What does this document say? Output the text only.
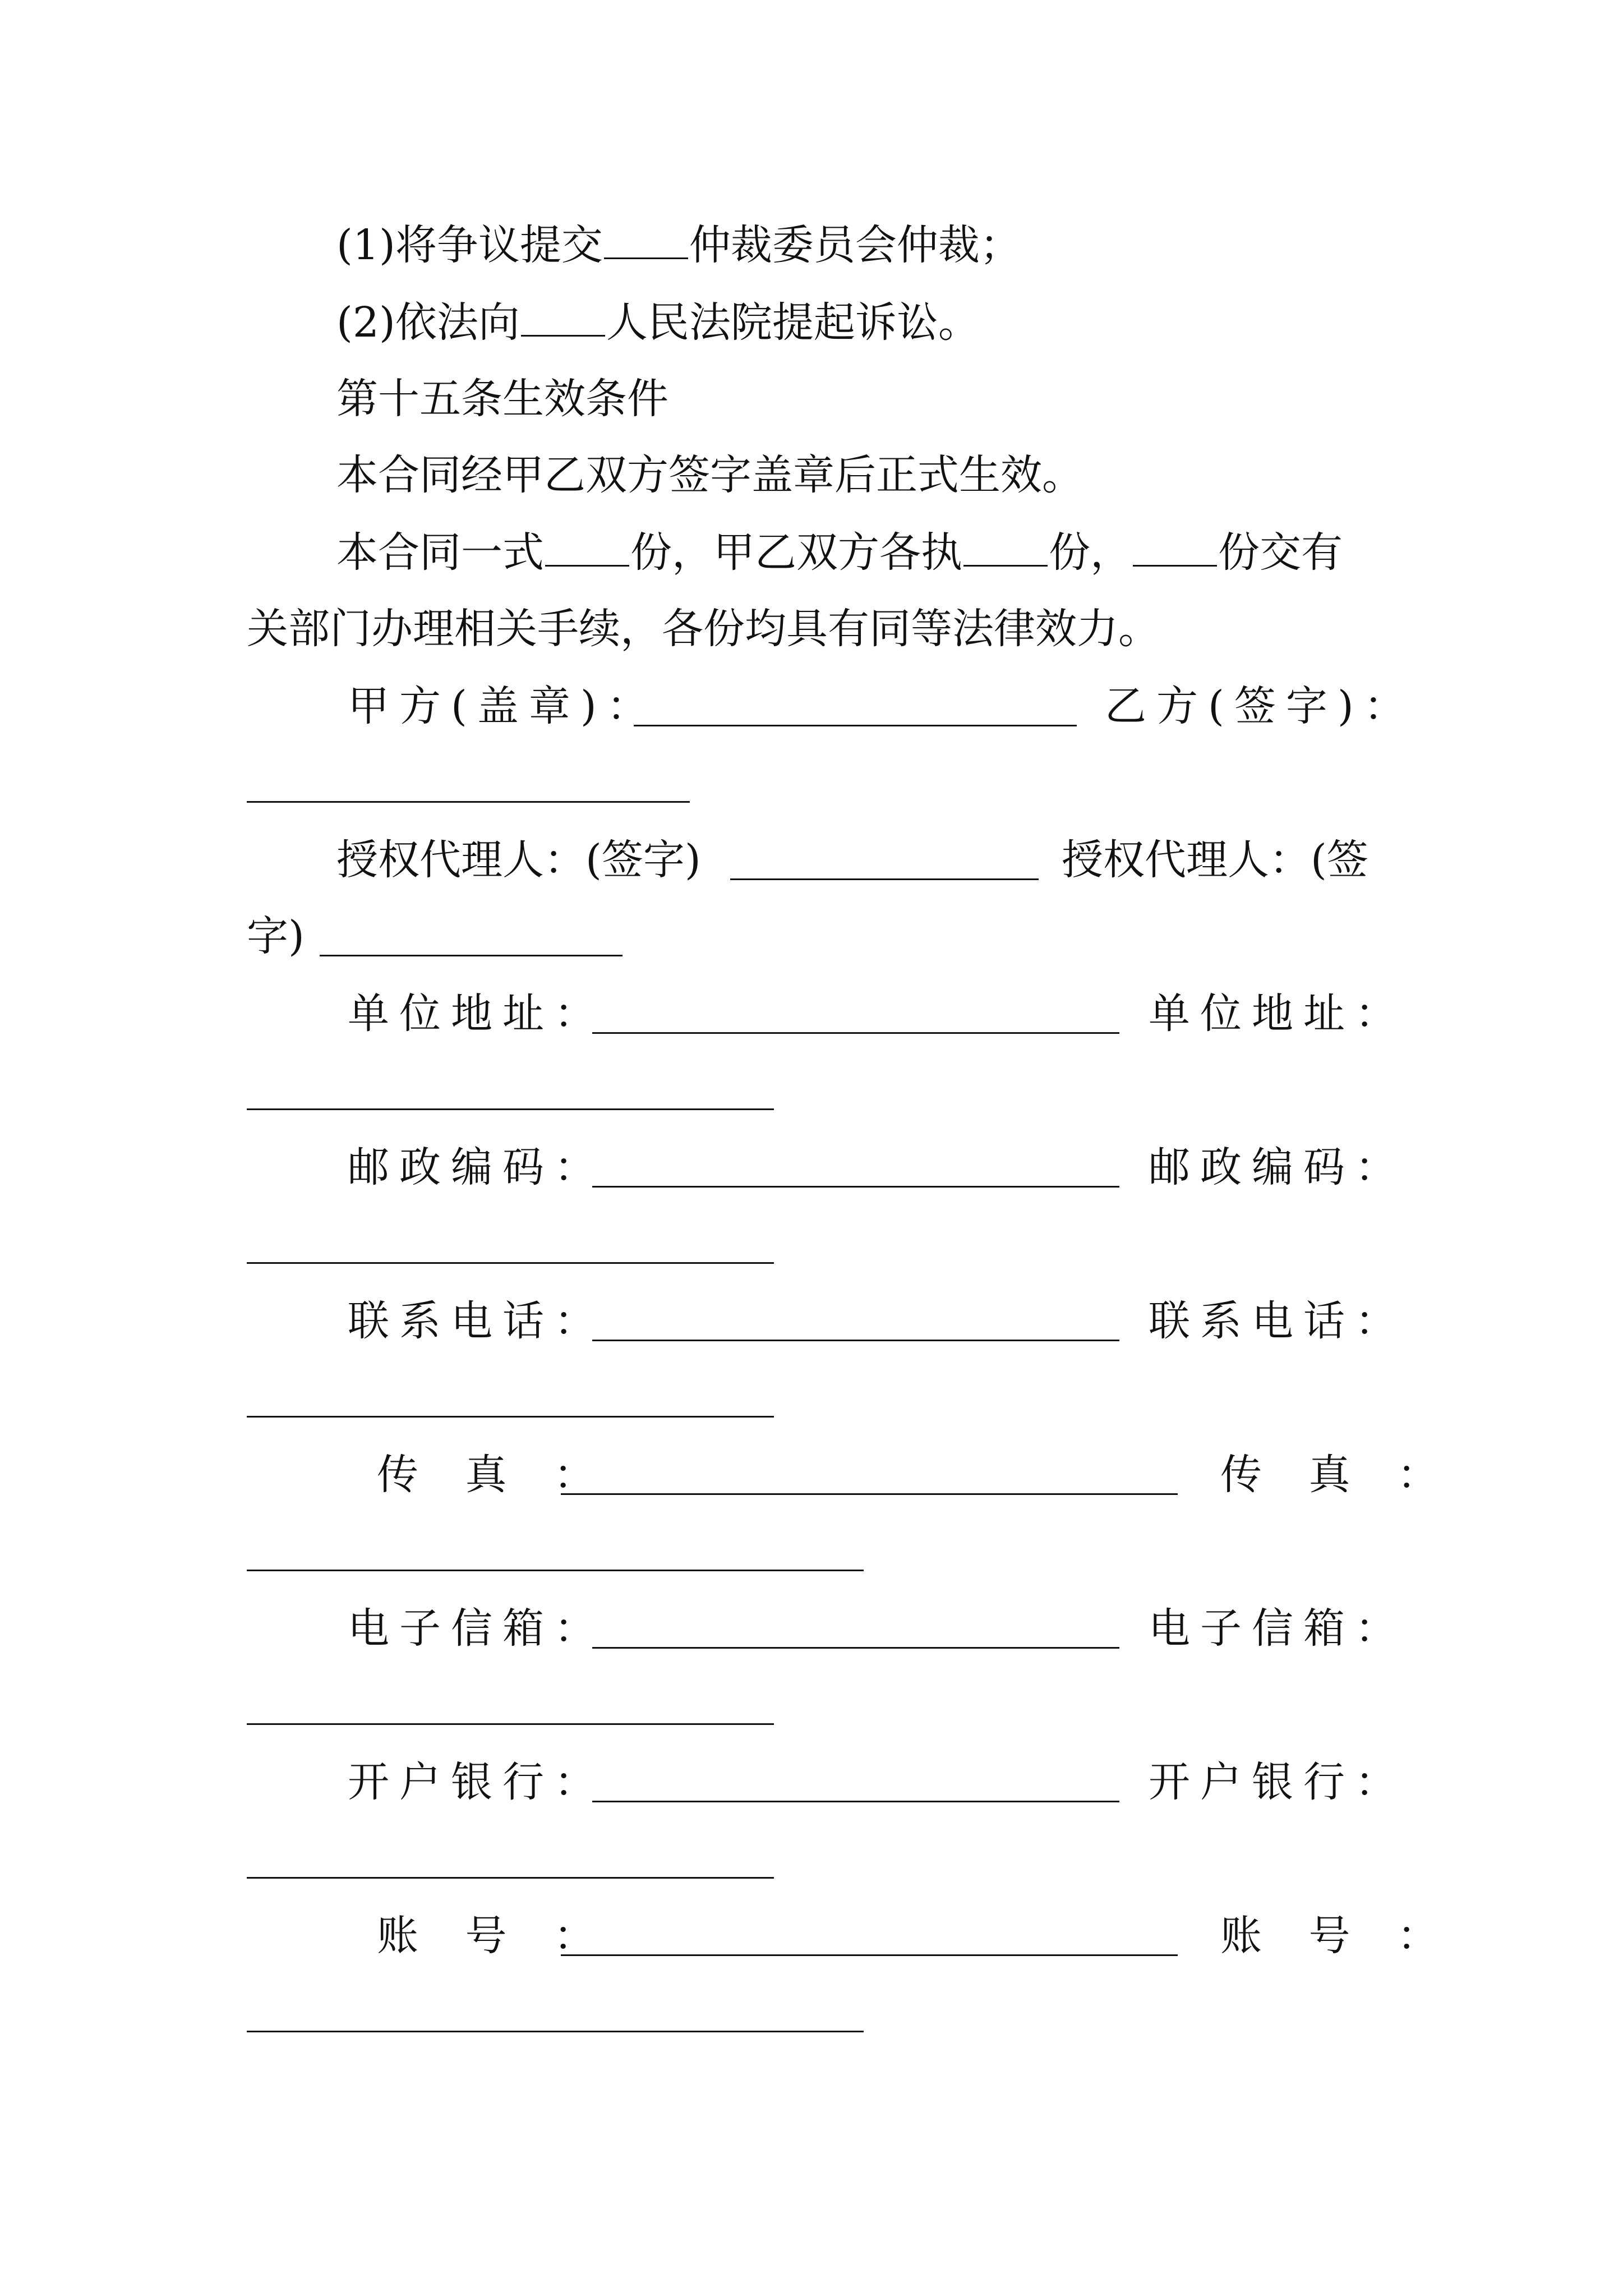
(1)将争议提交 仲裁委员会仲裁；
(2)依法向 人民法院提起诉讼。
第十五条生效条件
本合同经甲乙双方签字盖章后正式生效。
本合同一式 份，甲乙双方各执 份， 份交有
关部门办理相关手续，各份均具有同等法律效力。
甲方(盖章)：	乙方(签字)：
授权代理人：(签字)	授权代理人：(签
字)
单位地址：	单位地址：
邮政编码：	邮政编码：
联系电话：	联系电话：
传 真 ：	传 真 ：
电子信箱：	电子信箱：
开户银行：	开户银行：
账 号 ：	账 号 ：
